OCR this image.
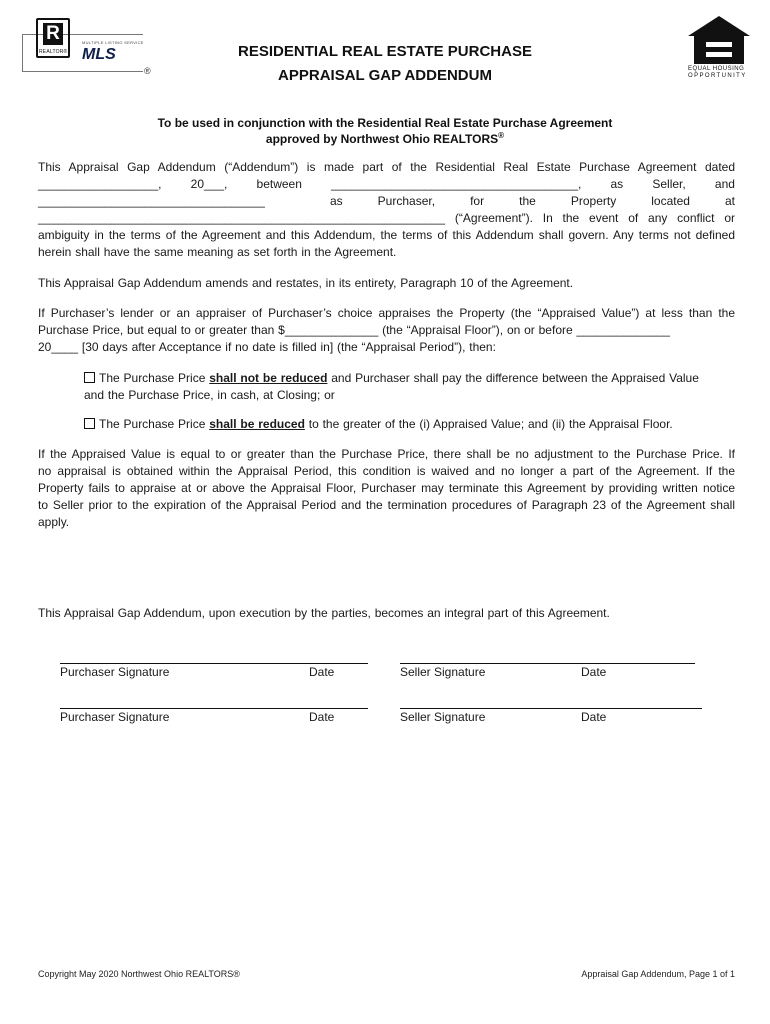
R
REALTOR®
MULTIPLE LISTING SERVICE
MLS
®	EQUAL HOUSING
OPPORTUNITY
RESIDENTIAL REAL ESTATE PURCHASE
APPRAISAL GAP ADDENDUM
To be used in conjunction with the Residential Real Estate Purchase Agreement
approved by Northwest Ohio REALTORS®
This Appraisal Gap Addendum (“Addendum”) is made part of the Residential Real Estate Purchase Agreement dated
__________________, 20___, between _____________________________________, as Seller, and
__________________________________	as	Purchaser,	for	the	Property	located	at
_____________________________________________________________ (“Agreement”). In the event of any conflict or
ambiguity in the terms of the Agreement and this Addendum, the terms of this Addendum shall govern. Any terms not defined
herein shall have the same meaning as set forth in the Agreement.
This Appraisal Gap Addendum amends and restates, in its entirety, Paragraph 10 of the Agreement.
If Purchaser’s lender or an appraiser of Purchaser’s choice appraises the Property (the “Appraised Value”) at less than the
Purchase Price, but equal to or greater than $______________ (the “Appraisal Floor”), on or before ______________
20____ [30 days after Acceptance if no date is filled in] (the “Appraisal Period”), then:
The Purchase Price shall not be reduced and Purchaser shall pay the difference between the Appraised Value
and the Purchase Price, in cash, at Closing; or
The Purchase Price shall be reduced to the greater of the (i) Appraised Value; and (ii) the Appraisal Floor.
If the Appraised Value is equal to or greater than the Purchase Price, there shall be no adjustment to the Purchase Price. If
no appraisal is obtained within the Appraisal Period, this condition is waived and no longer a part of the Agreement. If the
Property fails to appraise at or above the Appraisal Floor, Purchaser may terminate this Agreement by providing written notice
to Seller prior to the expiration of the Appraisal Period and the termination procedures of Paragraph 23 of the Agreement shall
apply.
This Appraisal Gap Addendum, upon execution by the parties, becomes an integral part of this Agreement.
Purchaser Signature	Date	Seller Signature	Date
Purchaser Signature	Date	Seller Signature	Date
Copyright May 2020 Northwest Ohio REALTORS®	Appraisal Gap Addendum, Page 1 of 1
